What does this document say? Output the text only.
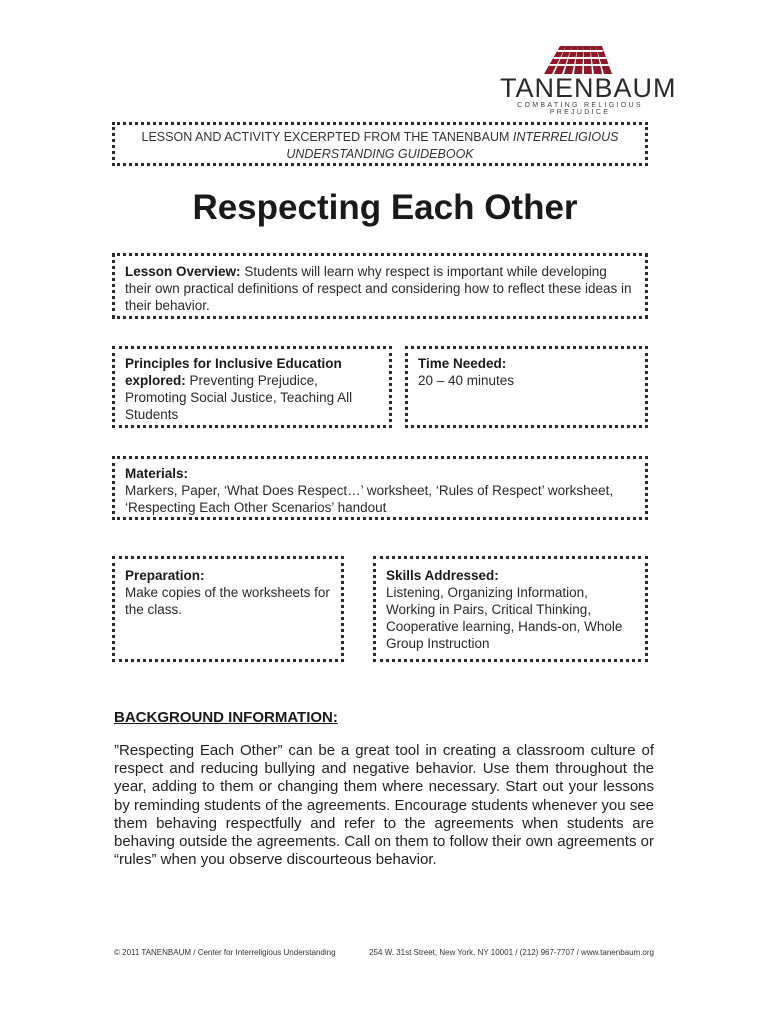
TANENBAUM
COMBATING RELIGIOUS PREJUDICE
LESSON AND ACTIVITY EXCERPTED FROM THE TANENBAUM INTERRELIGIOUS UNDERSTANDING GUIDEBOOK
Respecting Each Other
Lesson Overview: Students will learn why respect is important while developing their own practical definitions of respect and considering how to reflect these ideas in their behavior.
Principles for Inclusive Education explored: Preventing Prejudice, Promoting Social Justice, Teaching All Students
Time Needed:
20 – 40 minutes
Materials:
Markers, Paper, ‘What Does Respect…’ worksheet, ‘Rules of Respect’ worksheet, ‘Respecting Each Other Scenarios’ handout
Preparation:
Make copies of the worksheets for the class.
Skills Addressed:
Listening, Organizing Information, Working in Pairs, Critical Thinking, Cooperative learning, Hands-on, Whole Group Instruction
BACKGROUND INFORMATION:
”Respecting Each Other” can be a great tool in creating a classroom culture of respect and reducing bullying and negative behavior. Use them throughout the year, adding to them or changing them where necessary. Start out your lessons by reminding students of the agreements. Encourage students whenever you see them behaving respectfully and refer to the agreements when students are behaving outside the agreements. Call on them to follow their own agreements or “rules” when you observe discourteous behavior.
© 2011 TANENBAUM / Center for Interreligious Understanding	254 W. 31st Street, New York, NY 10001 / (212) 967-7707 / www.tanenbaum.org
